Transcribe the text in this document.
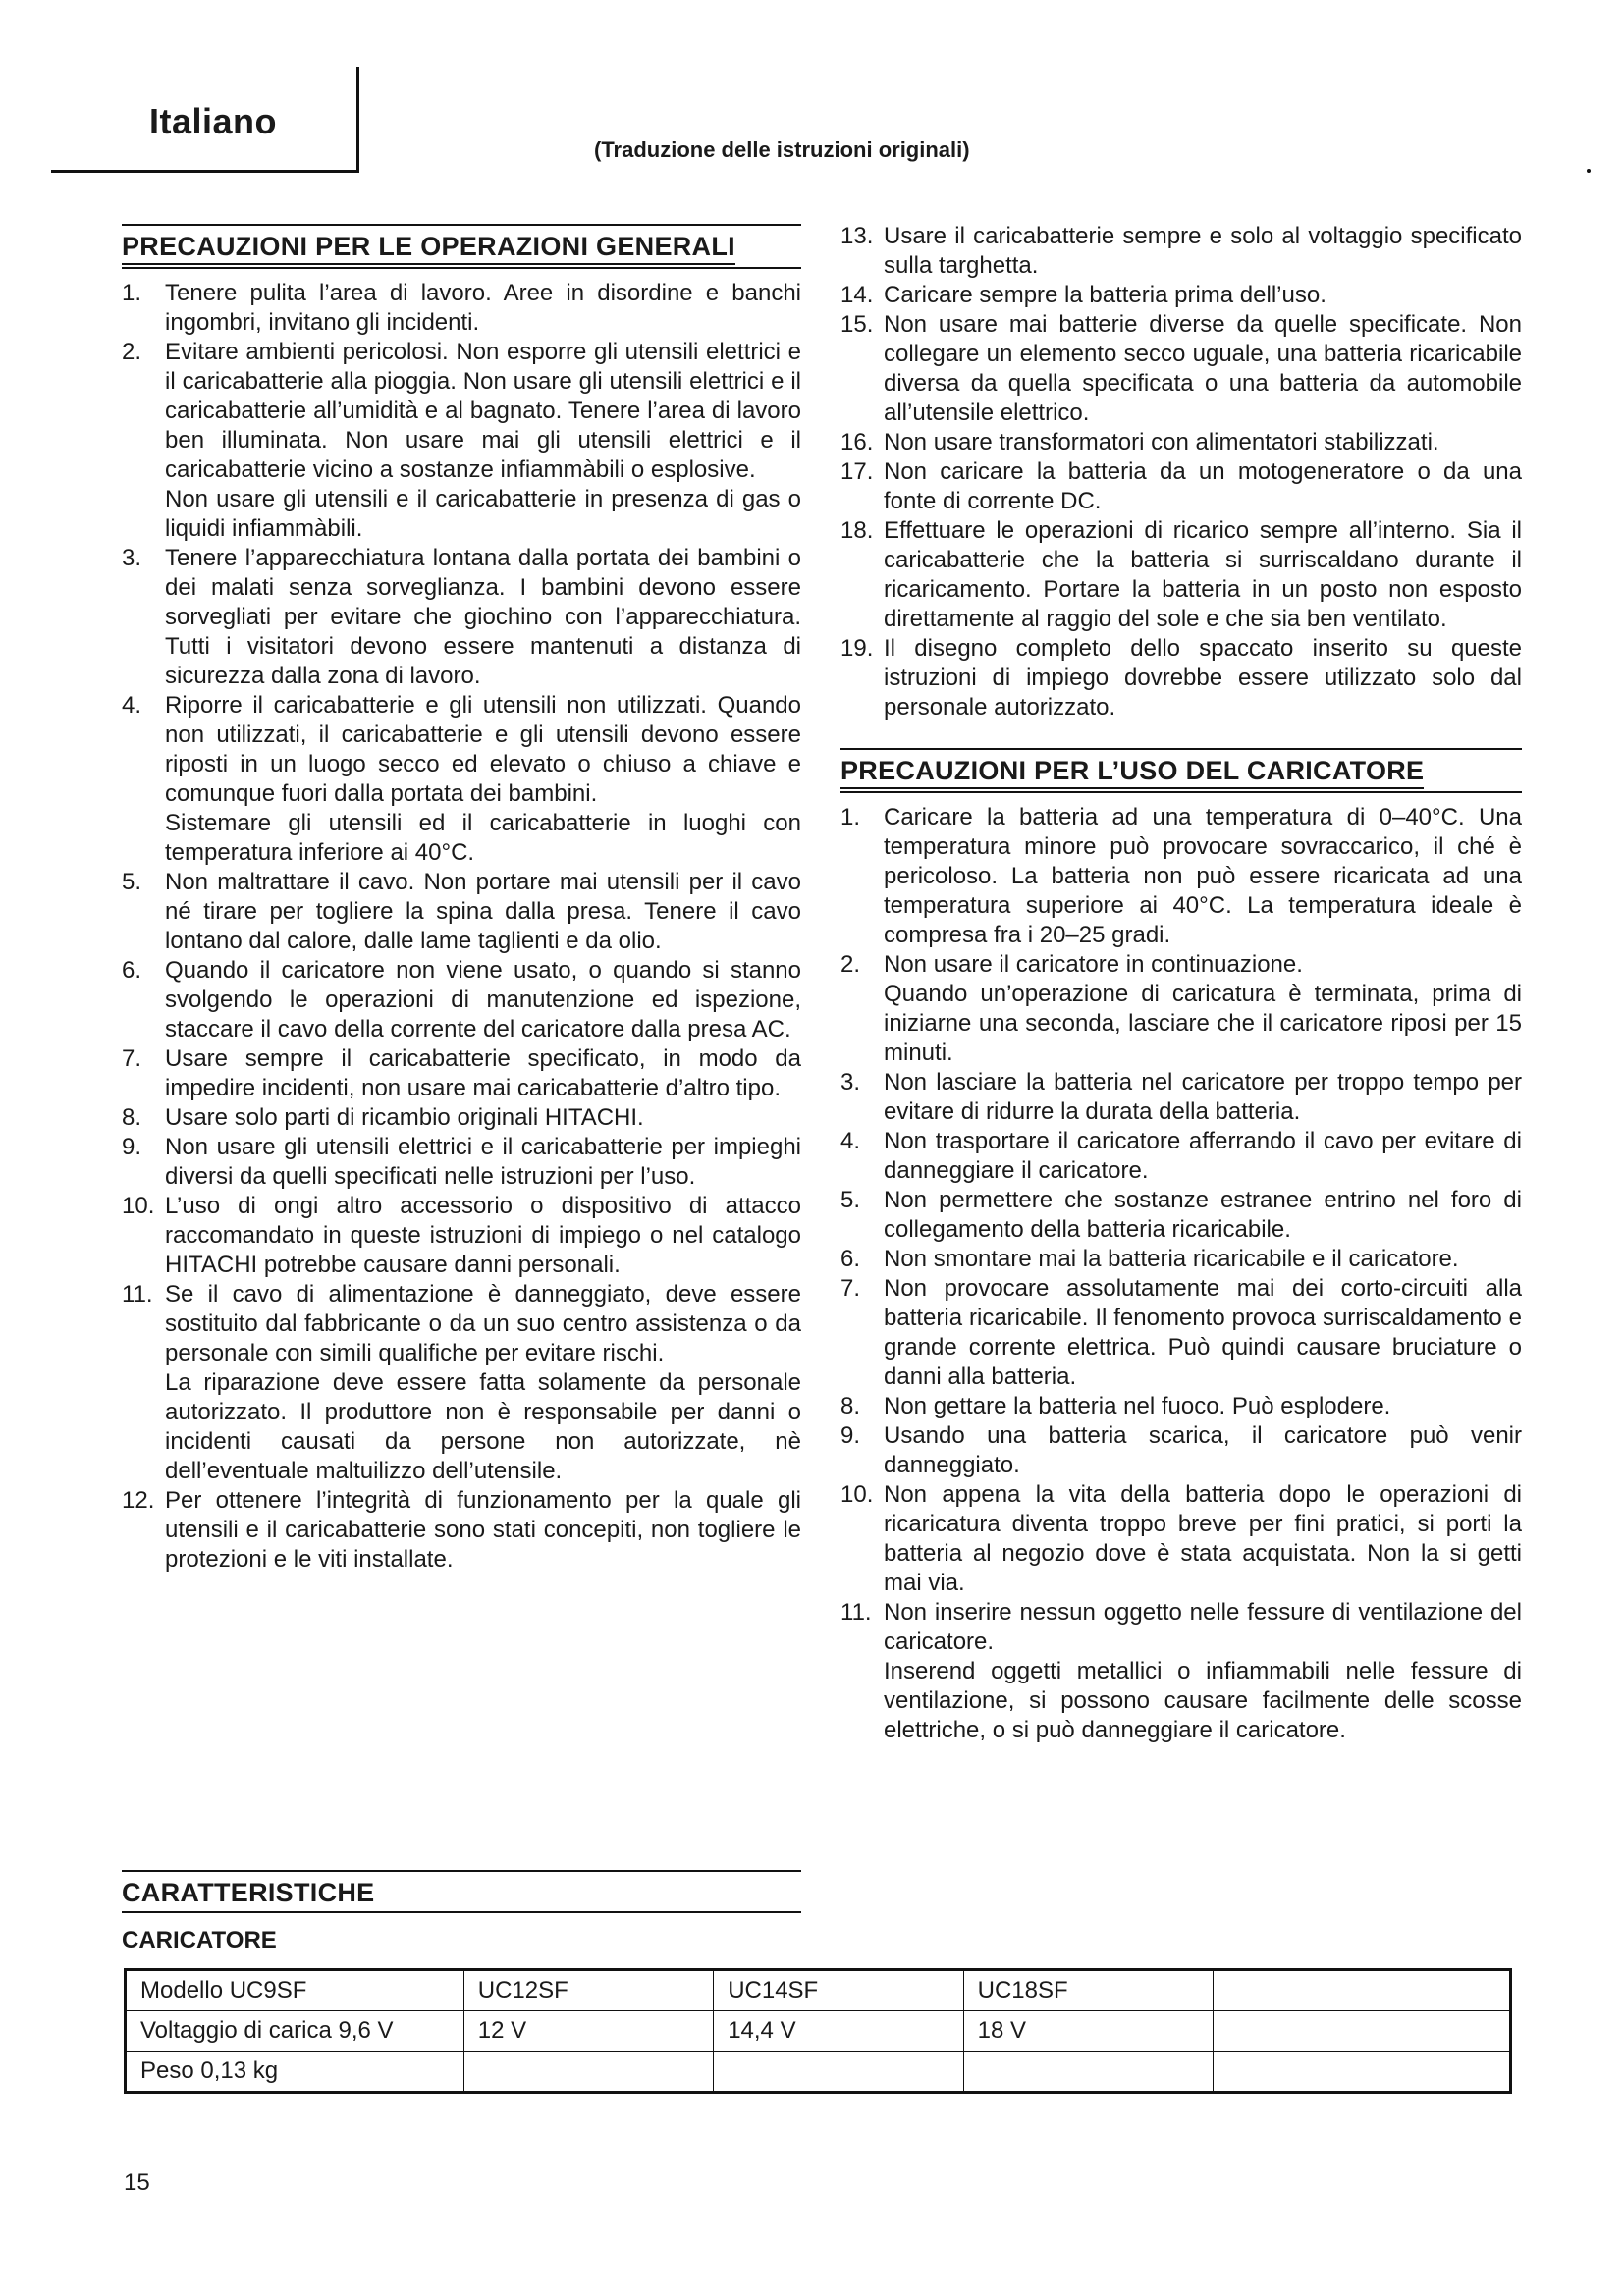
Italiano
(Traduzione delle istruzioni originali)
PRECAUZIONI PER LE OPERAZIONI GENERALI
1. Tenere pulita l’area di lavoro. Aree in disordine e banchi ingombri, invitano gli incidenti.
2. Evitare ambienti pericolosi. Non esporre gli utensili elettrici e il caricabatterie alla pioggia. Non usare gli utensili elettrici e il caricabatterie all’umidità e al bagnato. Tenere l’area di lavoro ben illuminata. Non usare mai gli utensili elettrici e il caricabatterie vicino a sostanze infiammàbili o esplosive.
Non usare gli utensili e il caricabatterie in presenza di gas o liquidi infiammàbili.
3. Tenere l’apparecchiatura lontana dalla portata dei bambini o dei malati senza sorveglianza. I bambini devono essere sorvegliati per evitare che giochino con l’apparecchiatura. Tutti i visitatori devono essere mantenuti a distanza di sicurezza dalla zona di lavoro.
4. Riporre il caricabatterie e gli utensili non utilizzati. Quando non utilizzati, il caricabatterie e gli utensili devono essere riposti in un luogo secco ed elevato o chiuso a chiave e comunque fuori dalla portata dei bambini.
Sistemare gli utensili ed il caricabatterie in luoghi con temperatura inferiore ai 40°C.
5. Non maltrattare il cavo. Non portare mai utensili per il cavo né tirare per togliere la spina dalla presa. Tenere il cavo lontano dal calore, dalle lame taglienti e da olio.
6. Quando il caricatore non viene usato, o quando si stanno svolgendo le operazioni di manutenzione ed ispezione, staccare il cavo della corrente del caricatore dalla presa AC.
7. Usare sempre il caricabatterie specificato, in modo da impedire incidenti, non usare mai caricabatterie d’altro tipo.
8. Usare solo parti di ricambio originali HITACHI.
9. Non usare gli utensili elettrici e il caricabatterie per impieghi diversi da quelli specificati nelle istruzioni per l’uso.
10. L’uso di ongi altro accessorio o dispositivo di attacco raccomandato in queste istruzioni di impiego o nel catalogo HITACHI potrebbe causare danni personali.
11. Se il cavo di alimentazione è danneggiato, deve essere sostituito dal fabbricante o da un suo centro assistenza o da personale con simili qualifiche per evitare rischi.
La riparazione deve essere fatta solamente da personale autorizzato. Il produttore non è responsabile per danni o incidenti causati da persone non autorizzate, nè dell’eventuale maltuilizzo dell’utensile.
12. Per ottenere l’integrità di funzionamento per la quale gli utensili e il caricabatterie sono stati concepiti, non togliere le protezioni e le viti installate.
13. Usare il caricabatterie sempre e solo al voltaggio specificato sulla targhetta.
14. Caricare sempre la batteria prima dell’uso.
15. Non usare mai batterie diverse da quelle specificate. Non collegare un elemento secco uguale, una batteria ricaricabile diversa da quella specificata o una batteria da automobile all’utensile elettrico.
16. Non usare transformatori con alimentatori stabilizzati.
17. Non caricare la batteria da un motogeneratore o da una fonte di corrente DC.
18. Effettuare le operazioni di ricarico sempre all’interno. Sia il caricabatterie che la batteria si surriscaldano durante il ricaricamento. Portare la batteria in un posto non esposto direttamente al raggio del sole e che sia ben ventilato.
19. Il disegno completo dello spaccato inserito su queste istruzioni di impiego dovrebbe essere utilizzato solo dal personale autorizzato.
PRECAUZIONI PER L’USO DEL CARICATORE
1. Caricare la batteria ad una temperatura di 0–40°C. Una temperatura minore può provocare sovraccarico, il ché è pericoloso. La batteria non può essere ricaricata ad una temperatura superiore ai 40°C. La temperatura ideale è compresa fra i 20–25 gradi.
2. Non usare il caricatore in continuazione.
Quando un’operazione di caricatura è terminata, prima di iniziarne una seconda, lasciare che il caricatore riposi per 15 minuti.
3. Non lasciare la batteria nel caricatore per troppo tempo per evitare di ridurre la durata della batteria.
4. Non trasportare il caricatore afferrando il cavo per evitare di danneggiare il caricatore.
5. Non permettere che sostanze estranee entrino nel foro di collegamento della batteria ricaricabile.
6. Non smontare mai la batteria ricaricabile e il caricatore.
7. Non provocare assolutamente mai dei corto-circuiti alla batteria ricaricabile. Il fenomento provoca surriscaldamento e grande corrente elettrica. Può quindi causare bruciature o danni alla batteria.
8. Non gettare la batteria nel fuoco. Può esplodere.
9. Usando una batteria scarica, il caricatore può venir danneggiato.
10. Non appena la vita della batteria dopo le operazioni di ricaricatura diventa troppo breve per fini pratici, si porti la batteria al negozio dove è stata acquistata. Non la si getti mai via.
11. Non inserire nessun oggetto nelle fessure di ventilazione del caricatore.
Inserend oggetti metallici o infiammabili nelle fessure di ventilazione, si possono causare facilmente delle scosse elettriche, o si può danneggiare il caricatore.
CARATTERISTICHE
CARICATORE
Modello UC9SF	UC12SF	UC14SF	UC18SF	
Voltaggio di carica 9,6 V	12 V	14,4 V	18 V	
Peso 0,13 kg				
15
